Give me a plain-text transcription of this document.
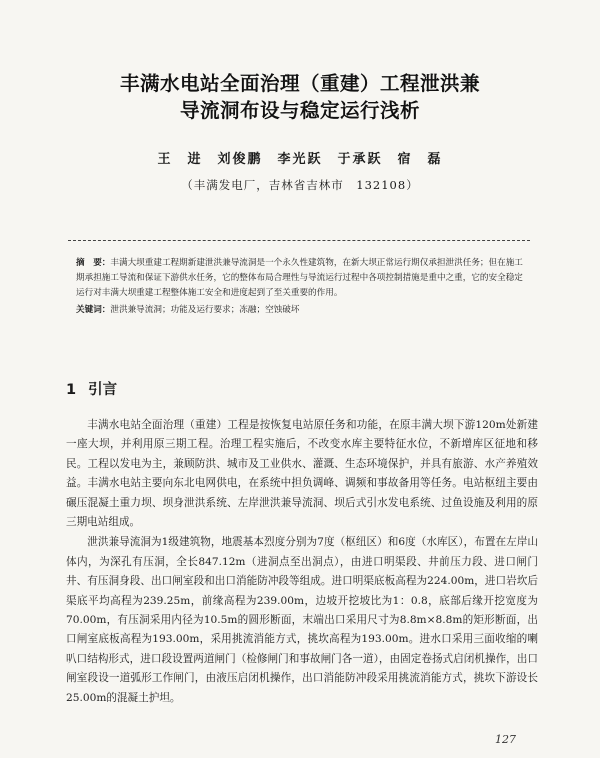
丰满水电站全面治理（重建）工程泄洪兼
导流洞布设与稳定运行浅析
王　进　刘俊鹏　李光跃　于承跃　宿　磊
（丰满发电厂，吉林省吉林市　132108）

摘　要：丰满大坝重建工程期新建泄洪兼导流洞是一个永久性建筑物，在新大坝正常运行期仅承担泄洪任务；但在施工期承担施工导流和保证下游供水任务，它的整体布局合理性与导流运行过程中各项控制措施是重中之重，它的安全稳定运行对丰满大坝重建工程整体施工安全和进度起到了至关重要的作用。

关键词：泄洪兼导流洞；功能及运行要求；冻融；空蚀破坏

1 引言

丰满水电站全面治理（重建）工程是按恢复电站原任务和功能，在原丰满大坝下游120m处新建一座大坝，并利用原三期工程。治理工程实施后，不改变水库主要特征水位，不新增库区征地和移民。工程以发电为主，兼顾防洪、城市及工业供水、灌溉、生态环境保护，并具有旅游、水产养殖效益。丰满水电站主要向东北电网供电，在系统中担负调峰、调频和事故备用等任务。电站枢纽主要由碾压混凝土重力坝、坝身泄洪系统、左岸泄洪兼导流洞、坝后式引水发电系统、过鱼设施及利用的原三期电站组成。

泄洪兼导流洞为1级建筑物，地震基本烈度分别为7度（枢纽区）和6度（水库区），布置在左岸山体内，为深孔有压洞，全长847.12m（进洞点至出洞点），由进口明渠段、井前压力段、进口闸门井、有压洞身段、出口闸室段和出口消能防冲段等组成。进口明渠底板高程为224.00m，进口岩坎后渠底平均高程为239.25m，前缘高程为239.00m，边坡开挖坡比为1：0.8，底部后缘开挖宽度为70.00m，有压洞采用内径为10.5m的圆形断面，末端出口采用尺寸为8.8m×8.8m的矩形断面，出口闸室底板高程为193.00m，采用挑流消能方式，挑坎高程为193.00m。进水口采用三面收缩的喇叭口结构形式，进口段设置两道闸门（检修闸门和事故闸门各一道），由固定卷扬式启闭机操作，出口闸室段设一道弧形工作闸门，由液压启闭机操作，出口消能防冲段采用挑流消能方式，挑坎下游设长25.00m的混凝土护坦。

127
